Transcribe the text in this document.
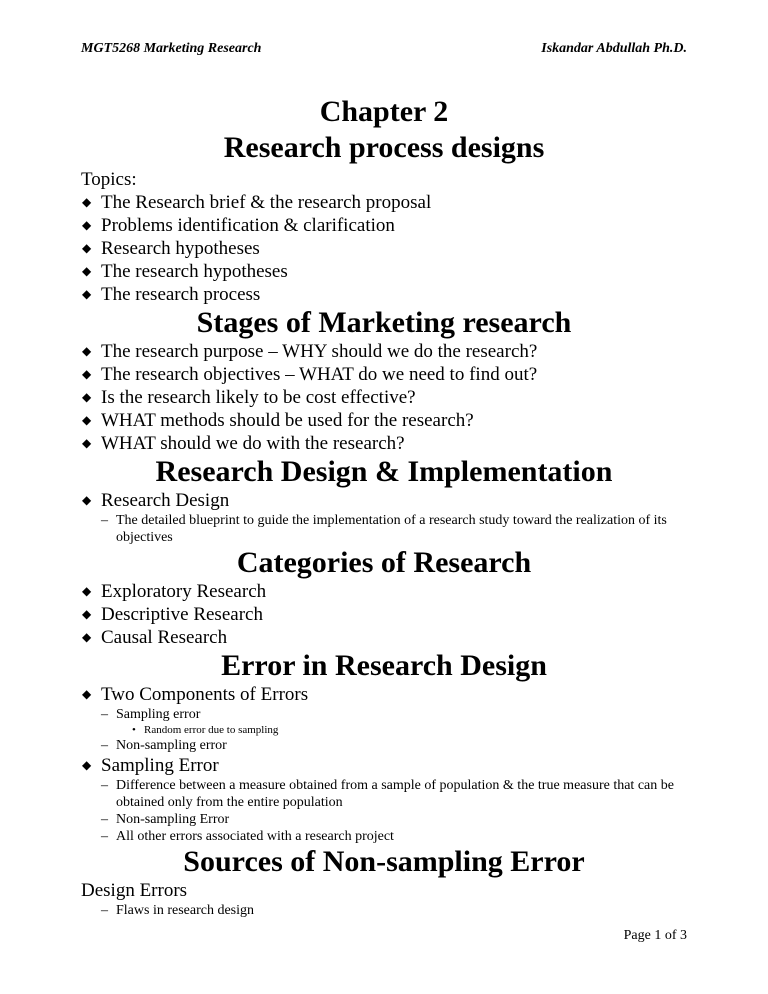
MGT5268 Marketing Research	Iskandar Abdullah Ph.D.
Chapter 2
Research process designs
Topics:
◆ The Research brief & the research proposal
◆ Problems identification & clarification
◆ Research hypotheses
◆ The research hypotheses
◆ The research process
Stages of Marketing research
◆ The research purpose – WHY should we do the research?
◆ The research objectives – WHAT do we need to find out?
◆ Is the research likely to be cost effective?
◆ WHAT methods should be used for the research?
◆ WHAT should we do with the research?
Research Design & Implementation
◆ Research Design
– The detailed blueprint to guide the implementation of a research study toward the realization of its objectives
Categories of Research
◆ Exploratory Research
◆ Descriptive Research
◆ Causal Research
Error in Research Design
◆ Two Components of Errors
– Sampling error
• Random error due to sampling
– Non-sampling error
◆ Sampling Error
– Difference between a measure obtained from a sample of population & the true measure that can be obtained only from the entire population
– Non-sampling Error
– All other errors associated with a research project
Sources of Non-sampling Error
Design Errors
– Flaws in research design
Page 1 of 3
